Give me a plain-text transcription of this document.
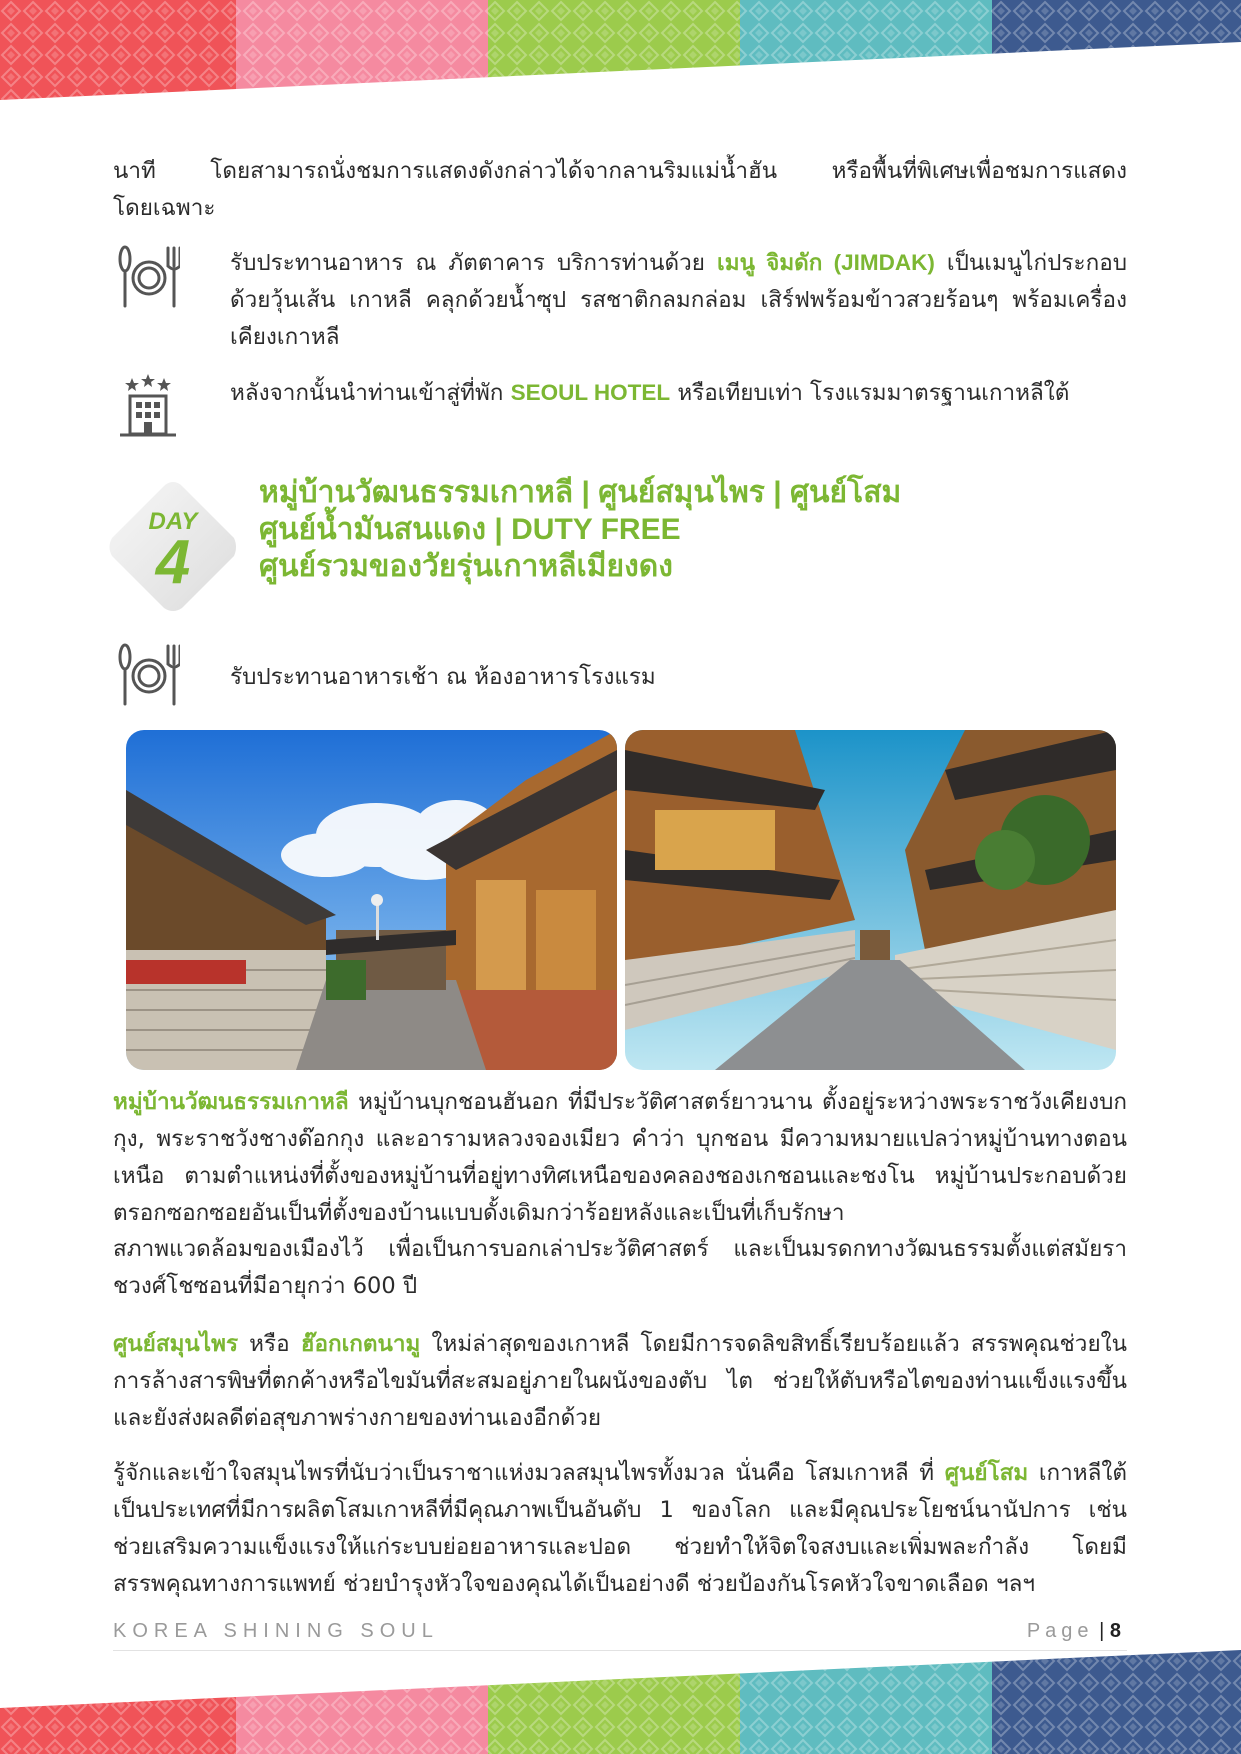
นาที โดยสามารถนั่งชมการแสดงดังกล่าวได้จากลานริมแม่น้ำฮัน หรือพื้นที่พิเศษเพื่อชมการแสดง
โดยเฉพาะ
รับประทานอาหาร ณ ภัตตาคาร บริการท่านด้วย เมนู จิมดัก (JIMDAK) เป็นเมนูไก่ประกอบด้วยวุ้นเส้น เกาหลี คลุกด้วยน้ำซุป รสชาติกลมกล่อม เสิร์ฟพร้อมข้าวสวยร้อนๆ พร้อมเครื่องเคียงเกาหลี
หลังจากนั้นนำท่านเข้าสู่ที่พัก SEOUL HOTEL หรือเทียบเท่า โรงแรมมาตรฐานเกาหลีใต้
DAY
4
หมู่บ้านวัฒนธรรมเกาหลี | ศูนย์สมุนไพร | ศูนย์โสม
ศูนย์น้ำมันสนแดง | DUTY FREE
ศูนย์รวมของวัยรุ่นเกาหลีเมียงดง
รับประทานอาหารเช้า ณ ห้องอาหารโรงแรม
หมู่บ้านวัฒนธรรมเกาหลี หมู่บ้านบุกชอนฮันอก ที่มีประวัติศาสตร์ยาวนาน ตั้งอยู่ระหว่างพระราชวังเคียงบกกุง, พระราชวังชางด๊อกกุง และอารามหลวงจองเมียว คำว่า บุกชอน มีความหมายแปลว่าหมู่บ้านทางตอนเหนือ ตามตำแหน่งที่ตั้งของหมู่บ้านที่อยู่ทางทิศเหนือของคลองชองเกชอนและชงโน หมู่บ้านประกอบด้วยตรอกซอกซอยอันเป็นที่ตั้งของบ้านแบบดั้งเดิมกว่าร้อยหลังและเป็นที่เก็บรักษา
สภาพแวดล้อมของเมืองไว้ เพื่อเป็นการบอกเล่าประวัติศาสตร์ และเป็นมรดกทางวัฒนธรรมตั้งแต่สมัยราชวงศ์โชซอนที่มีอายุกว่า 600 ปี
ศูนย์สมุนไพร หรือ ฮ๊อกเกตนามู ใหม่ล่าสุดของเกาหลี โดยมีการจดลิขสิทธิ์เรียบร้อยแล้ว สรรพคุณช่วยในการล้างสารพิษที่ตกค้างหรือไขมันที่สะสมอยู่ภายในผนังของตับ ไต ช่วยให้ตับหรือไตของท่านแข็งแรงขึ้น และยังส่งผลดีต่อสุขภาพร่างกายของท่านเองอีกด้วย
รู้จักและเข้าใจสมุนไพรที่นับว่าเป็นราชาแห่งมวลสมุนไพรทั้งมวล นั่นคือ โสมเกาหลี ที่ ศูนย์โสม เกาหลีใต้เป็นประเทศที่มีการผลิตโสมเกาหลีที่มีคุณภาพเป็นอันดับ 1 ของโลก และมีคุณประโยชน์นานัปการ เช่น ช่วยเสริมความแข็งแรงให้แก่ระบบย่อยอาหารและปอด ช่วยทำให้จิตใจสงบและเพิ่มพละกำลัง โดยมีสรรพคุณทางการแพทย์ ช่วยบำรุงหัวใจของคุณได้เป็นอย่างดี ช่วยป้องกันโรคหัวใจขาดเลือด ฯลฯ
KOREA SHINING SOUL	Page | 8
